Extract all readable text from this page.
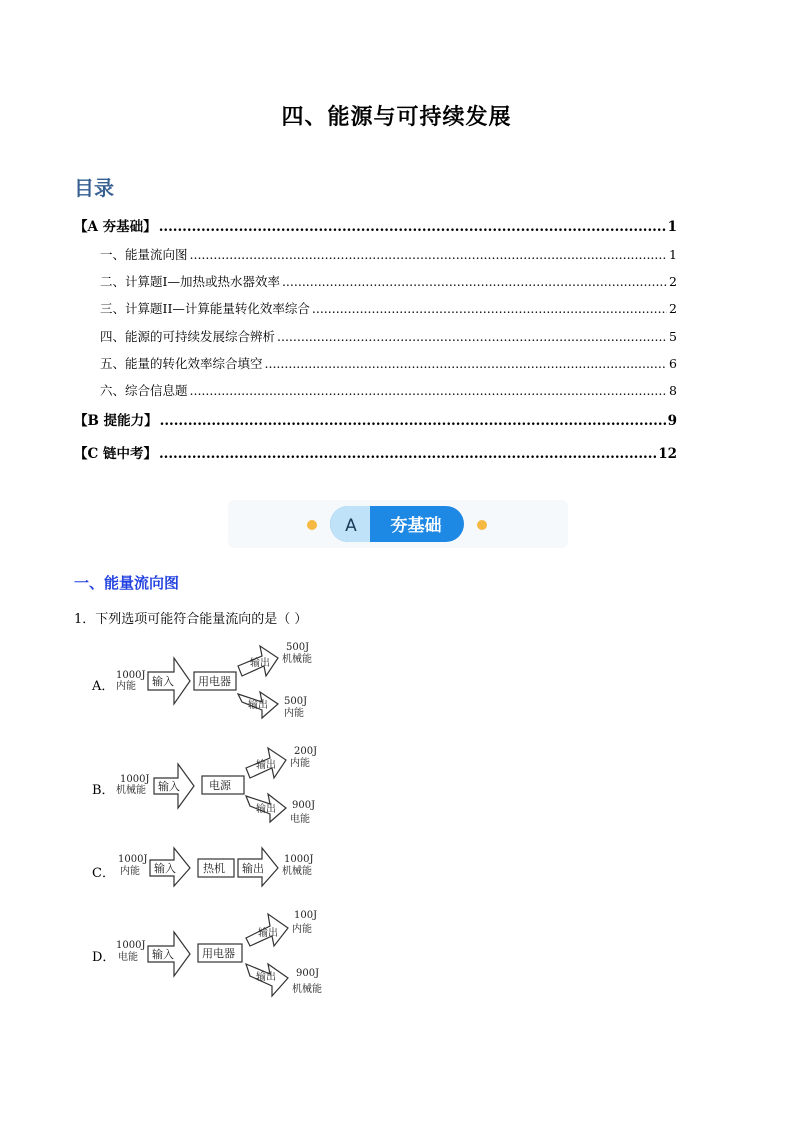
四、能源与可持续发展
目录
【A 夯基础】 .....	1
一、能量流向图 .....	1
二、计算题I—加热或热水器效率 .....	2
三、计算题II—计算能量转化效率综合 .....	2
四、能源的可持续发展综合辨析 .....	5
五、能量的转化效率综合填空 .....	6
六、综合信息题 .....	8
【B 提能力】 .....	9
【C 链中考】 .....	12
A 夯基础
一、能量流向图
1．下列选项可能符合能量流向的是（ ）
A．
1000J
内能 输入 用电器
输出
500J
机械能
输出 500J
内能
B．
1000J
机械能 输入	电源
输出
200J
内能
输出 900J
电能
C．
1000J
内能 输入 热机 输出
1000J
机械能
D．
1000J
电能 输入	用电器
输出
100J
内能
输出 900J
机械能
